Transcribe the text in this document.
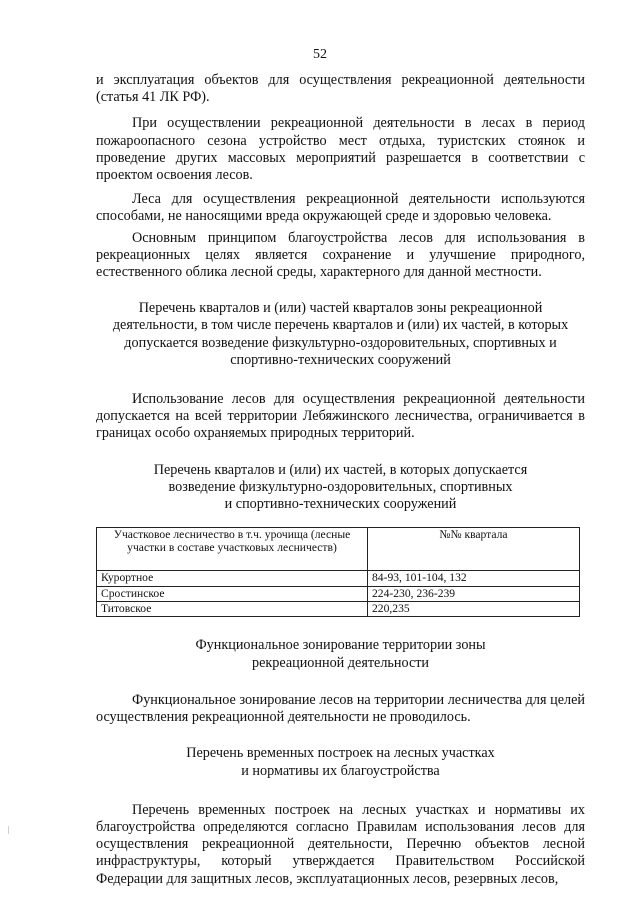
52

и эксплуатация объектов для осуществления рекреационной деятельности (статья 41 ЛК РФ).

При осуществлении рекреационной деятельности в лесах в период пожароопасного сезона устройство мест отдыха, туристских стоянок и проведение других массовых мероприятий разрешается в соответствии с проектом освоения лесов.

Леса для осуществления рекреационной деятельности используются способами, не наносящими вреда окружающей среде и здоровью человека.

Основным принципом благоустройства лесов для использования в рекреационных целях является сохранение и улучшение природного, естественного облика лесной среды, характерного для данной местности.

Перечень кварталов и (или) частей кварталов зоны рекреационной

деятельности, в том числе перечень кварталов и (или) их частей, в которых

допускается возведение физкультурно-оздоровительных, спортивных и

спортивно-технических сооружений

Использование лесов для осуществления рекреационной деятельности допускается на всей территории Лебяжинского лесничества, ограничивается в границах особо охраняемых природных территорий.

Перечень кварталов и (или) их частей, в которых допускается

возведение физкультурно-оздоровительных, спортивных

и спортивно-технических сооружений

Участковое лесничество в т.ч. урочища (лесные участки в составе участковых лесничеств)	№№ квартала
Курортное	84-93, 101-104, 132
Сростинское	224-230, 236-239
Титовское	220,235

Функциональное зонирование территории зоны

рекреационной деятельности

Функциональное зонирование лесов на территории лесничества для целей осуществления рекреационной деятельности не проводилось.

Перечень временных построек на лесных участках

и нормативы их благоустройства

Перечень временных построек на лесных участках и нормативы их благоустройства определяются согласно Правилам использования лесов для осуществления рекреационной деятельности, Перечню объектов лесной инфраструктуры, который утверждается Правительством Российской Федерации для защитных лесов, эксплуатационных лесов, резервных лесов,
